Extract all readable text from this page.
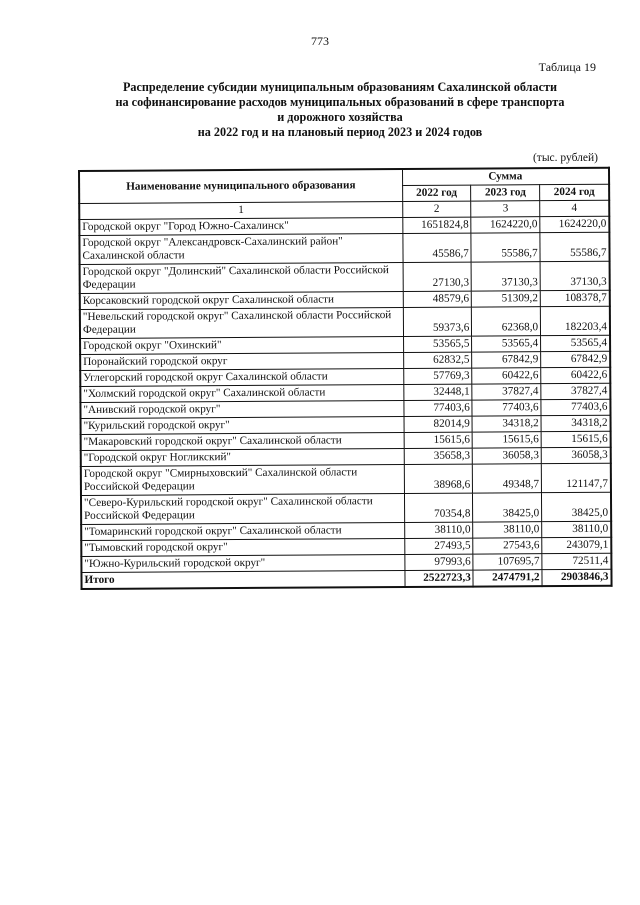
773
Таблица 19
Распределение субсидии муниципальным образованиям Сахалинской области
на софинансирование расходов муниципальных образований в сфере транспорта
и дорожного хозяйства
на 2022 год и на плановый период 2023 и 2024 годов
(тыс. рублей)
Наименование муниципального образования	Сумма		
	2022 год	2023 год	2024 год
1	2	3	4
Городской округ "Город Южно-Сахалинск"	1651824,8	1624220,0	1624220,0
Городской округ "Александровск-Сахалинский район" Сахалинской области	45586,7	55586,7	55586,7
Городской округ "Долинский" Сахалинской области Российской Федерации	27130,3	37130,3	37130,3
Корсаковский городской округ Сахалинской области	48579,6	51309,2	108378,7
"Невельский городской округ" Сахалинской области Российской Федерации	59373,6	62368,0	182203,4
Городской округ "Охинский"	53565,5	53565,4	53565,4
Поронайский городской округ	62832,5	67842,9	67842,9
Углегорский городской округ Сахалинской области	57769,3	60422,6	60422,6
"Холмский городской округ" Сахалинской области	32448,1	37827,4	37827,4
"Анивский городской округ"	77403,6	77403,6	77403,6
"Курильский городской округ"	82014,9	34318,2	34318,2
"Макаровский городской округ" Сахалинской области	15615,6	15615,6	15615,6
"Городской округ Ногликский"	35658,3	36058,3	36058,3
Городской округ "Смирныховский" Сахалинской области Российской Федерации	38968,6	49348,7	121147,7
"Северо-Курильский городской округ" Сахалинской области Российской Федерации	70354,8	38425,0	38425,0
"Томаринский городской округ" Сахалинской области	38110,0	38110,0	38110,0
"Тымовский городской округ"	27493,5	27543,6	243079,1
"Южно-Курильский городской округ"	97993,6	107695,7	72511,4
Итого	2522723,3	2474791,2	2903846,3
